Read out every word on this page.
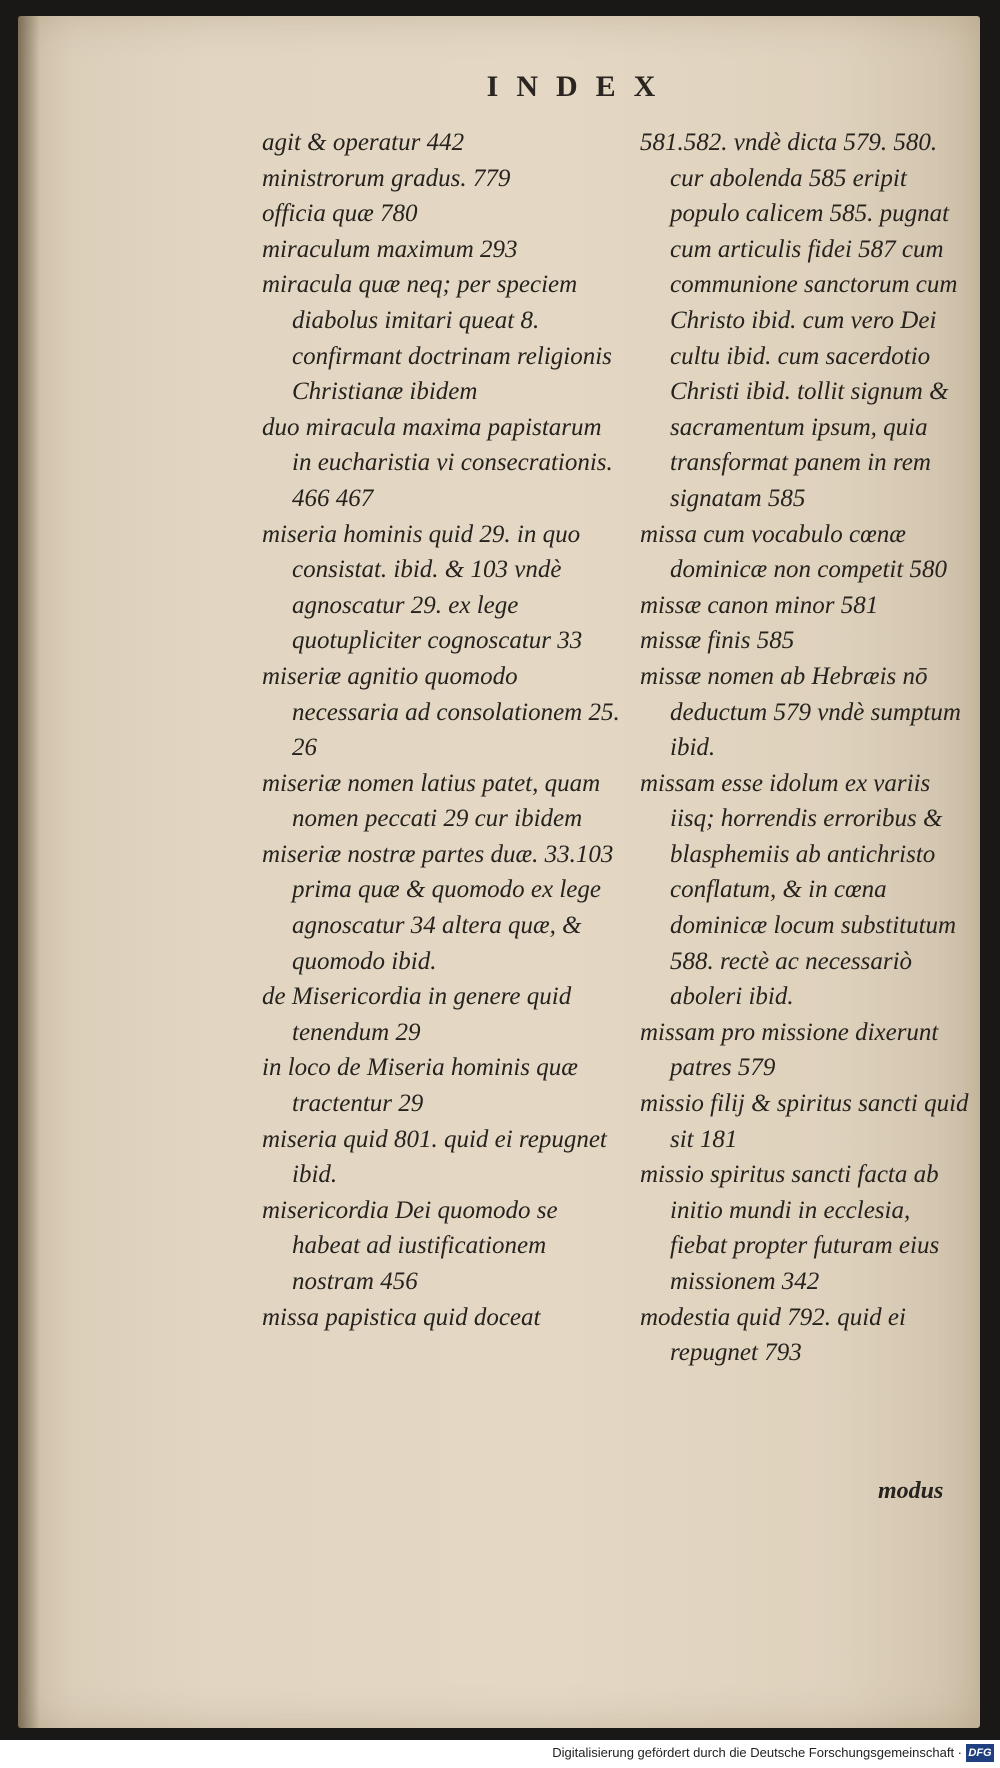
INDEX

agit & operatur 442

ministrorum gradus. 779

officia quæ 780

miraculum maximum 293

miracula quæ neq; per speciem diabolus imitari queat 8. confirmant doctrinam religionis Christianæ ibidem

duo miracula maxima papistarum in eucharistia vi consecrationis. 466 467

miseria hominis quid 29. in quo consistat. ibid. & 103 vndè agnoscatur 29. ex lege quotupliciter cognoscatur 33

miseriæ agnitio quomodo necessaria ad consolationem 25. 26

miseriæ nomen latius patet, quam nomen peccati 29 cur ibidem

miseriæ nostræ partes duæ. 33.103 prima quæ & quomodo ex lege agnoscatur 34 altera quæ, & quomodo ibid.

de Misericordia in genere quid tenendum 29

in loco de Miseria hominis quæ tractentur 29

miseria quid 801. quid ei repugnet ibid.

misericordia Dei quomodo se habeat ad iustificationem nostram 456

missa papistica quid doceat

581.582. vndè dicta 579. 580. cur abolenda 585 eripit populo calicem 585. pugnat cum articulis fidei 587 cum communione sanctorum cum Christo ibid. cum vero Dei cultu ibid. cum sacerdotio Christi ibid. tollit signum & sacramentum ipsum, quia transformat panem in rem signatam 585

missa cum vocabulo cœnæ dominicæ non competit 580

missæ canon minor 581

missæ finis 585

missæ nomen ab Hebræis nō deductum 579 vndè sumptum ibid.

missam esse idolum ex variis iisq; horrendis erroribus & blasphemiis ab antichristo conflatum, & in cœna dominicæ locum substitutum 588. rectè ac necessariò aboleri ibid.

missam pro missione dixerunt patres 579

missio filij & spiritus sancti quid sit 181

missio spiritus sancti facta ab initio mundi in ecclesia, fiebat propter futuram eius missionem 342

modestia quid 792. quid ei repugnet 793

modus
Digitalisierung gefördert durch die Deutsche Forschungsgemeinschaft · DFG
